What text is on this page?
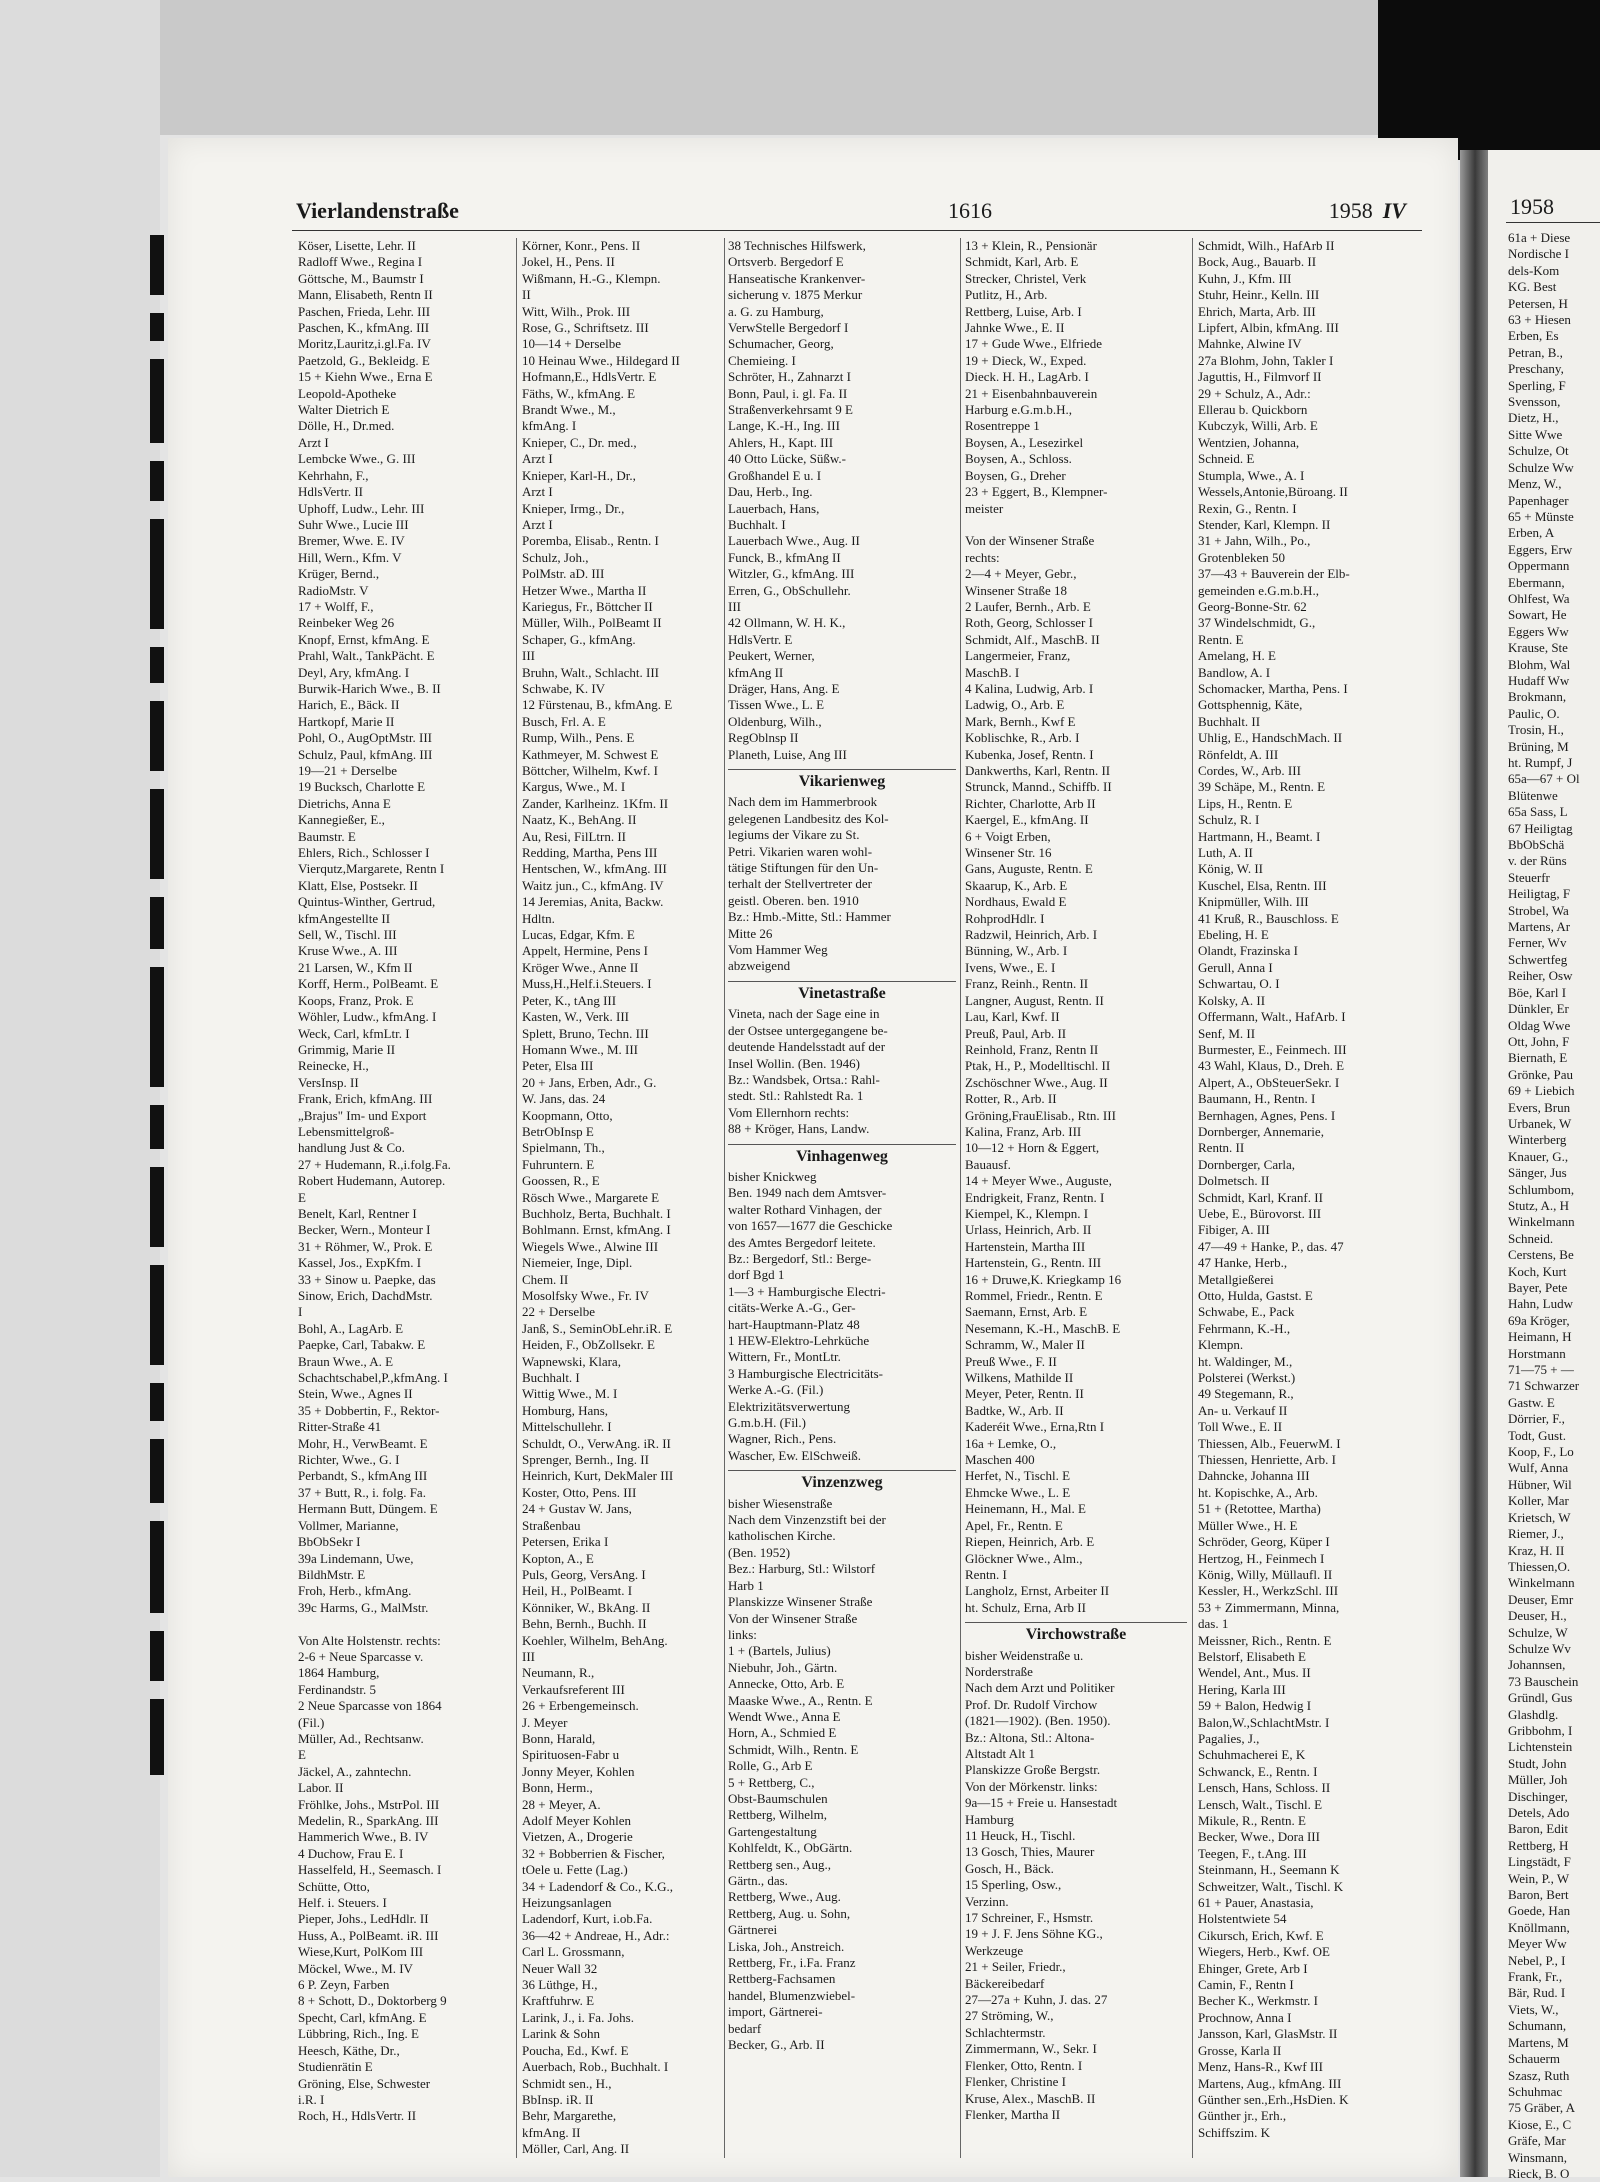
Vierlandenstraße	1616	1958 IV
Köser, Lisette, Lehr. II
Radloff Wwe., Regina I
Göttsche, M., Baumstr I
Mann, Elisabeth, Rentn II
Paschen, Frieda, Lehr. III
Paschen, K., kfmAng. III
Moritz,Lauritz,i.gl.Fa. IV
Paetzold, G., Bekleidg. E
15 + Kiehn Wwe., Erna E
Leopold-Apotheke
Walter Dietrich E
Dölle, H., Dr.med.
Arzt I
Lembcke Wwe., G. III
Kehrhahn, F.,
HdlsVertr. II
Uphoff, Ludw., Lehr. III
Suhr Wwe., Lucie III
Bremer, Wwe. E. IV
Hill, Wern., Kfm. V
Krüger, Bernd.,
RadioMstr. V
17 + Wolff, F.,
Reinbeker Weg 26
Knopf, Ernst, kfmAng. E
Prahl, Walt., TankPächt. E
Deyl, Ary, kfmAng. I
Burwik-Harich Wwe., B. II
Harich, E., Bäck. II
Hartkopf, Marie II
Pohl, O., AugOptMstr. III
Schulz, Paul, kfmAng. III
19—21 + Derselbe
19 Bucksch, Charlotte E
Dietrichs, Anna E
Kannegießer, E.,
Baumstr. E
Ehlers, Rich., Schlosser I
Vierqutz,Margarete, Rentn I
Klatt, Else, Postsekr. II
Quintus-Winther, Gertrud,
kfmAngestellte II
Sell, W., Tischl. III
Kruse Wwe., A. III
21 Larsen, W., Kfm II
Korff, Herm., PolBeamt. E
Koops, Franz, Prok. E
Wöhler, Ludw., kfmAng. I
Weck, Carl, kfmLtr. I
Grimmig, Marie II
Reinecke, H.,
VersInsp. II
Frank, Erich, kfmAng. III
„Brajus" Im- und Export
Lebensmittelgroß-
handlung Just & Co.
27 + Hudemann, R.,i.folg.Fa.
Robert Hudemann, Autorep.
E
Benelt, Karl, Rentner I
Becker, Wern., Monteur I
31 + Röhmer, W., Prok. E
Kassel, Jos., ExpKfm. I
33 + Sinow u. Paepke, das
Sinow, Erich, DachdMstr.
I
Bohl, A., LagArb. E
Paepke, Carl, Tabakw. E
Braun Wwe., A. E
Schachtschabel,P.,kfmAng. I
Stein, Wwe., Agnes II
35 + Dobbertin, F., Rektor-
Ritter-Straße 41
Mohr, H., VerwBeamt. E
Richter, Wwe., G. I
Perbandt, S., kfmAng III
37 + Butt, R., i. folg. Fa.
Hermann Butt, Düngem. E
Vollmer, Marianne,
BbObSekr I
39a Lindemann, Uwe,
BildhMstr. E
Froh, Herb., kfmAng.
39c Harms, G., MalMstr.

Von Alte Holstenstr. rechts:
2-6 + Neue Sparcasse v.
1864 Hamburg,
Ferdinandstr. 5
2 Neue Sparcasse von 1864
(Fil.)
Müller, Ad., Rechtsanw.
E
Jäckel, A., zahntechn.
Labor. II
Fröhlke, Johs., MstrPol. III
Medelin, R., SparkAng. III
Hammerich Wwe., B. IV
4 Duchow, Frau E. I
Hasselfeld, H., Seemasch. I
Schütte, Otto,
Helf. i. Steuers. I
Pieper, Johs., LedHdlr. II
Huss, A., PolBeamt. iR. III
Wiese,Kurt, PolKom III
Möckel, Wwe., M. IV
6 P. Zeyn, Farben
8 + Schott, D., Doktorberg 9
Specht, Carl, kfmAng. E
Lübbring, Rich., Ing. E
Heesch, Käthe, Dr.,
Studienrätin E
Gröning, Else, Schwester
i.R. I
Roch, H., HdlsVertr. II
Körner, Konr., Pens. II
Jokel, H., Pens. II
Wißmann, H.-G., Klempn.
II
Witt, Wilh., Prok. III
Rose, G., Schriftsetz. III
10—14 + Derselbe
10 Heinau Wwe., Hildegard II
Hofmann,E., HdlsVertr. E
Fäths, W., kfmAng. E
Brandt Wwe., M.,
kfmAng. I
Knieper, C., Dr. med.,
Arzt I
Knieper, Karl-H., Dr.,
Arzt I
Knieper, Irmg., Dr.,
Arzt I
Poremba, Elisab., Rentn. I
Schulz, Joh.,
PolMstr. aD. III
Hetzer Wwe., Martha II
Kariegus, Fr., Böttcher II
Müller, Wilh., PolBeamt II
Schaper, G., kfmAng.
III
Bruhn, Walt., Schlacht. III
Schwabe, K. IV
12 Fürstenau, B., kfmAng. E
Busch, Frl. A. E
Rump, Wilh., Pens. E
Kathmeyer, M. Schwest E
Böttcher, Wilhelm, Kwf. I
Kargus, Wwe., M. I
Zander, Karlheinz. 1Kfm. II
Naatz, K., BehAng. II
Au, Resi, FilLtrn. II
Redding, Martha, Pens III
Hentschen, W., kfmAng. III
Waitz jun., C., kfmAng. IV
14 Jeremias, Anita, Backw.
Hdltn.
Lucas, Edgar, Kfm. E
Appelt, Hermine, Pens I
Kröger Wwe., Anne II
Muss,H.,Helf.i.Steuers. I
Peter, K., tAng III
Kasten, W., Verk. III
Splett, Bruno, Techn. III
Homann Wwe., M. III
Peter, Elsa III
20 + Jans, Erben, Adr., G.
W. Jans, das. 24
Koopmann, Otto,
BetrObInsp E
Spielmann, Th.,
Fuhruntern. E
Goossen, R., E
Rösch Wwe., Margarete E
Buchholz, Berta, Buchhalt. I
Bohlmann. Ernst, kfmAng. I
Wiegels Wwe., Alwine III
Niemeier, Inge, Dipl.
Chem. II
Mosolfsky Wwe., Fr. IV
22 + Derselbe
Janß, S., SeminObLehr.iR. E
Heiden, F., ObZollsekr. E
Wapnewski, Klara,
Buchhalt. I
Wittig Wwe., M. I
Homburg, Hans,
Mittelschullehr. I
Schuldt, O., VerwAng. iR. II
Sprenger, Bernh., Ing. II
Heinrich, Kurt, DekMaler III
Koster, Otto, Pens. III
24 + Gustav W. Jans,
Straßenbau
Petersen, Erika I
Kopton, A., E
Puls, Georg, VersAng. I
Heil, H., PolBeamt. I
Könniker, W., BkAng. II
Behn, Bernh., Buchh. II
Koehler, Wilhelm, BehAng.
III
Neumann, R.,
Verkaufsreferent III
26 + Erbengemeinsch.
J. Meyer
Bonn, Harald,
Spirituosen-Fabr u
Jonny Meyer, Kohlen
Bonn, Herm.,
28 + Meyer, A.
Adolf Meyer Kohlen
Vietzen, A., Drogerie
32 + Bobberrien & Fischer,
tOele u. Fette (Lag.)
34 + Ladendorf & Co., K.G.,
Heizungsanlagen
Ladendorf, Kurt, i.ob.Fa.
36—42 + Andreae, H., Adr.:
Carl L. Grossmann,
Neuer Wall 32
36 Lüthge, H.,
Kraftfuhrw. E
Larink, J., i. Fa. Johs.
Larink & Sohn
Poucha, Ed., Kwf. E
Auerbach, Rob., Buchhalt. I
Schmidt sen., H.,
BbInsp. iR. II
Behr, Margarethe,
kfmAng. II
Möller, Carl, Ang. II
38 Technisches Hilfswerk,
Ortsverb. Bergedorf E
Hanseatische Krankenver-
sicherung v. 1875 Merkur
a. G. zu Hamburg,
VerwStelle Bergedorf I
Schumacher, Georg,
Chemieing. I
Schröter, H., Zahnarzt I
Bonn, Paul, i. gl. Fa. II
Straßenverkehrsamt 9 E
Lange, K.-H., Ing. III
Ahlers, H., Kapt. III
40 Otto Lücke, Süßw.-
Großhandel E u. I
Dau, Herb., Ing.
Lauerbach, Hans,
Buchhalt. I
Lauerbach Wwe., Aug. II
Funck, B., kfmAng II
Witzler, G., kfmAng. III
Erren, G., ObSchullehr.
III
42 Ollmann, W. H. K.,
HdlsVertr. E
Peukert, Werner,
kfmAng II
Dräger, Hans, Ang. E
Tissen Wwe., L. E
Oldenburg, Wilh.,
RegOblnsp II
Planeth, Luise, Ang III
Vikarienweg
Nach dem im Hammerbrook
gelegenen Landbesitz des Kol-
legiums der Vikare zu St.
Petri. Vikarien waren wohl-
tätige Stiftungen für den Un-
terhalt der Stellvertreter der
geistl. Oberen. ben. 1910
Bz.: Hmb.-Mitte, Stl.: Hammer
Mitte 26
Vom Hammer Weg
abzweigend
Vinetastraße
Vineta, nach der Sage eine in
der Ostsee untergegangene be-
deutende Handelsstadt auf der
Insel Wollin. (Ben. 1946)
Bz.: Wandsbek, Ortsa.: Rahl-
stedt. Stl.: Rahlstedt Ra. 1
Vom Ellernhorn rechts:
88 + Kröger, Hans, Landw.
Vinhagenweg
bisher Knickweg
Ben. 1949 nach dem Amtsver-
walter Rothard Vinhagen, der
von 1657—1677 die Geschicke
des Amtes Bergedorf leitete.
Bz.: Bergedorf, Stl.: Berge-
dorf Bgd 1
1—3 + Hamburgische Electri-
citäts-Werke A.-G., Ger-
hart-Hauptmann-Platz 48
1 HEW-Elektro-Lehrküche
Wittern, Fr., MontLtr.
3 Hamburgische Electricitäts-
Werke A.-G. (Fil.)
Elektrizitätsverwertung
G.m.b.H. (Fil.)
Wagner, Rich., Pens.
Wascher, Ew. ElSchweiß.
Vinzenzweg
bisher Wiesenstraße
Nach dem Vinzenzstift bei der
katholischen Kirche.
(Ben. 1952)
Bez.: Harburg, Stl.: Wilstorf
Harb 1
Planskizze Winsener Straße
Von der Winsener Straße
links:
1 + (Bartels, Julius)
Niebuhr, Joh., Gärtn.
Annecke, Otto, Arb. E
Maaske Wwe., A., Rentn. E
Wendt Wwe., Anna E
Horn, A., Schmied E
Schmidt, Wilh., Rentn. E
Rolle, G., Arb E
5 + Rettberg, C.,
Obst-Baumschulen
Rettberg, Wilhelm,
Gartengestaltung
Kohlfeldt, K., ObGärtn.
Rettberg sen., Aug.,
Gärtn., das.
Rettberg, Wwe., Aug.
Rettberg, Aug. u. Sohn,
Gärtnerei
Liska, Joh., Anstreich.
Rettberg, Fr., i.Fa. Franz
Rettberg-Fachsamen
handel, Blumenzwiebel-
import, Gärtnerei-
bedarf
Becker, G., Arb. II
13 + Klein, R., Pensionär
Schmidt, Karl, Arb. E
Strecker, Christel, Verk
Putlitz, H., Arb.
Rettberg, Luise, Arb. I
Jahnke Wwe., E. II
17 + Gude Wwe., Elfriede
19 + Dieck, W., Exped.
Dieck. H. H., LagArb. I
21 + Eisenbahnbauverein
Harburg e.G.m.b.H.,
Rosentreppe 1
Boysen, A., Lesezirkel
Boysen, A., Schloss.
Boysen, G., Dreher
23 + Eggert, B., Klempner-
meister

Von der Winsener Straße
rechts:
2—4 + Meyer, Gebr.,
Winsener Straße 18
2 Laufer, Bernh., Arb. E
Roth, Georg, Schlosser I
Schmidt, Alf., MaschB. II
Langermeier, Franz,
MaschB. I
4 Kalina, Ludwig, Arb. I
Ladwig, O., Arb. E
Mark, Bernh., Kwf E
Koblischke, R., Arb. I
Kubenka, Josef, Rentn. I
Dankwerths, Karl, Rentn. II
Strunck, Mannd., Schiffb. II
Richter, Charlotte, Arb II
Kaergel, E., kfmAng. II
6 + Voigt Erben,
Winsener Str. 16
Gans, Auguste, Rentn. E
Skaarup, K., Arb. E
Nordhaus, Ewald E
RohprodHdlr. I
Radzwil, Heinrich, Arb. I
Bünning, W., Arb. I
Ivens, Wwe., E. I
Franz, Reinh., Rentn. II
Langner, August, Rentn. II
Lau, Karl, Kwf. II
Preuß, Paul, Arb. II
Reinhold, Franz, Rentn II
Ptak, H., P., Modelltischl. II
Zschöschner Wwe., Aug. II
Rotter, R., Arb. II
Gröning,FrauElisab., Rtn. III
Kalina, Franz, Arb. III
10—12 + Horn & Eggert,
Bauausf.
14 + Meyer Wwe., Auguste,
Endrigkeit, Franz, Rentn. I
Kiempel, K., Klempn. I
Urlass, Heinrich, Arb. II
Hartenstein, Martha III
Hartenstein, G., Rentn. III
16 + Druwe,K. Kriegkamp 16
Rommel, Friedr., Rentn. E
Saemann, Ernst, Arb. E
Nesemann, K.-H., MaschB. E
Schramm, W., Maler II
Preuß Wwe., F. II
Wilkens, Mathilde II
Meyer, Peter, Rentn. II
Badtke, W., Arb. II
Kaderéit Wwe., Erna,Rtn I
16a + Lemke, O.,
Maschen 400
Herfet, N., Tischl. E
Ehmcke Wwe., L. E
Heinemann, H., Mal. E
Apel, Fr., Rentn. E
Riepen, Heinrich, Arb. E
Glöckner Wwe., Alm.,
Rentn. I
Langholz, Ernst, Arbeiter II
ht. Schulz, Erna, Arb II
Virchowstraße
bisher Weidenstraße u.
Norderstraße
Nach dem Arzt und Politiker
Prof. Dr. Rudolf Virchow
(1821—1902). (Ben. 1950).
Bz.: Altona, Stl.: Altona-
Altstadt Alt 1
Planskizze Große Bergstr.
Von der Mörkenstr. links:
9a—15 + Freie u. Hansestadt
Hamburg
11 Heuck, H., Tischl.
13 Gosch, Thies, Maurer
Gosch, H., Bäck.
15 Sperling, Osw.,
Verzinn.
17 Schreiner, F., Hsmstr.
19 + J. F. Jens Söhne KG.,
Werkzeuge
21 + Seiler, Friedr.,
Bäckereibedarf
27—27a + Kuhn, J. das. 27
27 Ströming, W.,
Schlachtermstr.
Zimmermann, W., Sekr. I
Flenker, Otto, Rentn. I
Flenker, Christine I
Kruse, Alex., MaschB. II
Flenker, Martha II
Schmidt, Wilh., HafArb II
Bock, Aug., Bauarb. II
Kuhn, J., Kfm. III
Stuhr, Heinr., Kelln. III
Ehrich, Marta, Arb. III
Lipfert, Albin, kfmAng. III
Mahnke, Alwine IV
27a Blohm, John, Takler I
Jaguttis, H., Filmvorf II
29 + Schulz, A., Adr.:
Ellerau b. Quickborn
Kubczyk, Willi, Arb. E
Wentzien, Johanna,
Schneid. E
Stumpla, Wwe., A. I
Wessels,Antonie,Büroang. II
Rexin, G., Rentn. I
Stender, Karl, Klempn. II
31 + Jahn, Wilh., Po.,
Grotenbleken 50
37—43 + Bauverein der Elb-
gemeinden e.G.m.b.H.,
Georg-Bonne-Str. 62
37 Windelschmidt, G.,
Rentn. E
Amelang, H. E
Bandlow, A. I
Schomacker, Martha, Pens. I
Gottsphennig, Käte,
Buchhalt. II
Uhlig, E., HandschMach. II
Rönfeldt, A. III
Cordes, W., Arb. III
39 Schäpe, M., Rentn. E
Lips, H., Rentn. E
Schulz, R. I
Hartmann, H., Beamt. I
Luth, A. II
König, W. II
Kuschel, Elsa, Rentn. III
Knipmüller, Wilh. III
41 Kruß, R., Bauschloss. E
Ebeling, H. E
Olandt, Frazinska I
Gerull, Anna I
Schwartau, O. I
Kolsky, A. II
Offermann, Walt., HafArb. I
Senf, M. II
Burmester, E., Feinmech. III
43 Wahl, Klaus, D., Dreh. E
Alpert, A., ObSteuerSekr. I
Baumann, H., Rentn. I
Bernhagen, Agnes, Pens. I
Dornberger, Annemarie,
Rentn. II
Dornberger, Carla,
Dolmetsch. II
Schmidt, Karl, Kranf. II
Uebe, E., Bürovorst. III
Fibiger, A. III
47—49 + Hanke, P., das. 47
47 Hanke, Herb.,
Metallgießerei
Otto, Hulda, Gastst. E
Schwabe, E., Pack
Fehrmann, K.-H.,
Klempn.
ht. Waldinger, M.,
Polsterei (Werkst.)
49 Stegemann, R.,
An- u. Verkauf II
Toll Wwe., E. II
Thiessen, Alb., FeuerwM. I
Thiessen, Henriette, Arb. I
Dahncke, Johanna III
ht. Kopischke, A., Arb.
51 + (Retottee, Martha)
Müller Wwe., H. E
Schröder, Georg, Küper I
Hertzog, H., Feinmech I
König, Willy, Müllaufl. II
Kessler, H., WerkzSchl. III
53 + Zimmermann, Minna,
das. 1
Meissner, Rich., Rentn. E
Belstorf, Elisabeth E
Wendel, Ant., Mus. II
Hering, Karla III
59 + Balon, Hedwig I
Balon,W.,SchlachtMstr. I
Pagalies, J.,
Schuhmacherei E, K
Schwanck, E., Rentn. I
Lensch, Hans, Schloss. II
Lensch, Walt., Tischl. E
Mikule, R., Rentn. E
Becker, Wwe., Dora III
Teegen, F., t.Ang. III
Steinmann, H., Seemann K
Schweitzer, Walt., Tischl. K
61 + Pauer, Anastasia,
Holstentwiete 54
Cikursch, Erich, Kwf. E
Wiegers, Herb., Kwf. OE
Ehinger, Grete, Arb I
Camin, F., Rentn I
Becher K., Werkmstr. I
Prochnow, Anna I
Jansson, Karl, GlasMstr. II
Grosse, Karla II
Menz, Hans-R., Kwf III
Martens, Aug., kfmAng. III
Günther sen.,Erh.,HsDien. K
Günther jr., Erh.,
Schiffszim. K
1958
61a + Diese
Nordische I
dels-Kom
KG. Best
Petersen, H
63 + Hiesen
Erben, Es
Petran, B.,
Preschany,
Sperling, F
Svensson,
Dietz, H.,
Sitte Wwe
Schulze, Ot
Schulze Ww
Menz, W.,
Papenhager
65 + Münste
Erben, A
Eggers, Erw
Oppermann
Ebermann,
Ohlfest, Wa
Sowart, He
Eggers Ww
Krause, Ste
Blohm, Wal
Hudaff Ww
Brokmann,
Paulic, O.
Trosin, H.,
Brüning, M
ht. Rumpf, J
65a—67 + Ol
Blütenwe
65a Sass, L
67 Heiligtag
BbObSchä
v. der Rüns
Steuerfr
Heiligtag, F
Strobel, Wa
Martens, Ar
Ferner, Wv
Schwertfeg
Reiher, Osw
Böe, Karl I
Dünkler, Er
Oldag Wwe
Ott, John, F
Biernath, E
Grönke, Pau
69 + Liebich
Evers, Brun
Urbanek, W
Winterberg
Knauer, G.,
Sänger, Jus
Schlumbom,
Stutz, A., H
Winkelmann
Schneid.
Cerstens, Be
Koch, Kurt
Bayer, Pete
Hahn, Ludw
69a Kröger,
Heimann, H
Horstmann
71—75 + —
71 Schwarzer
Gastw. E
Dörrier, F.,
Todt, Gust.
Koop, F., Lo
Wulf, Anna
Hübner, Wil
Koller, Mar
Krietsch, W
Riemer, J.,
Kraz, H. II
Thiessen,O.
Winkelmann
Deuser, Emr
Deuser, H.,
Schulze, W
Schulze Wv
Johannsen,
73 Bauschein
Gründl, Gus
Glashdlg.
Gribbohm, I
Lichtenstein
Studt, John
Müller, Joh
Dischinger,
Detels, Ado
Baron, Edit
Rettberg, H
Lingstädt, F
Wein, P., W
Baron, Bert
Goede, Han
Knöllmann,
Meyer Ww
Nebel, P., I
Frank, Fr.,
Bär, Rud. I
Viets, W.,
Schumann,
Martens, M
Schauerm
Szasz, Ruth
Schuhmac
75 Gräber, A
Kiose, E., C
Gräfe, Mar
Winsmann,
Rieck, B. O
